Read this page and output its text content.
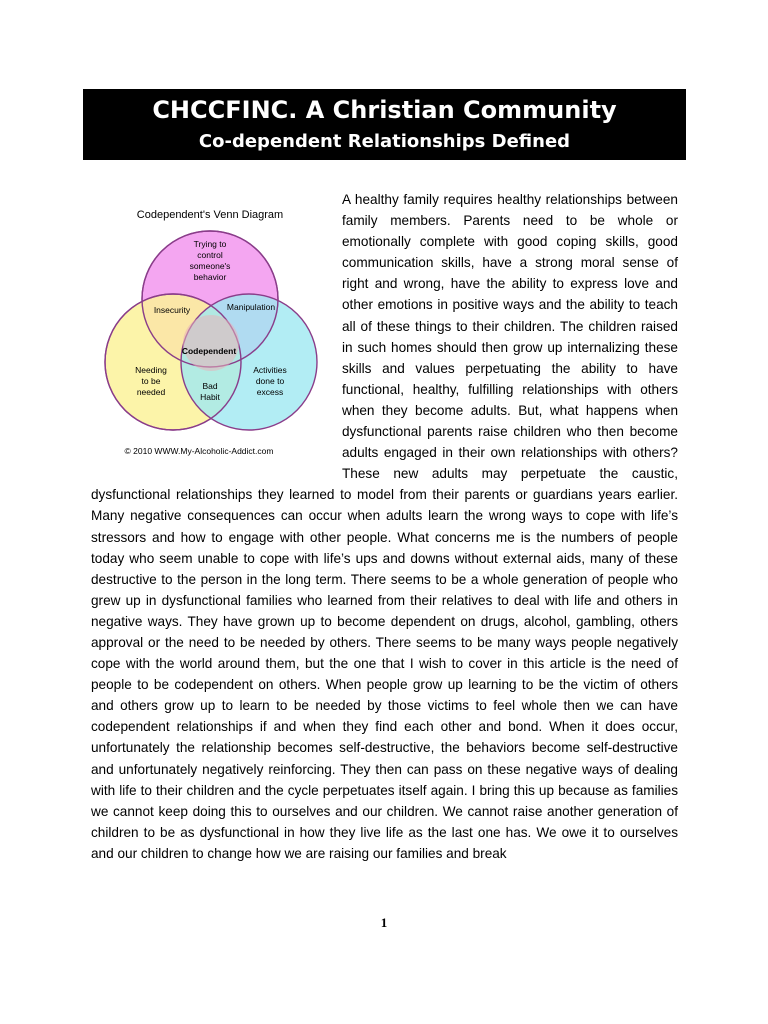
CHCCFINC. A Christian Community
Co-dependent Relationships Defined
Codependent's Venn Diagram
Trying to
control
someone's
behavior
Insecurity	Manipulation
Codependent
Needing
to be
needed
Activities
done to
excess
Bad
Habit
© 2010 WWW.My-Alcoholic-Addict.com

A healthy family requires healthy relationships between family members. Parents need to be whole or emotionally complete with good coping skills, good communication skills, have a strong moral sense of right and wrong, have the ability to express love and other emotions in positive ways and the ability to teach all of these things to their children. The children raised in such homes should then grow up internalizing these skills and values perpetuating the ability to have functional, healthy, fulfilling relationships with others when they become adults. But, what happens when dysfunctional parents raise children who then become adults engaged in their own relationships with others? These new adults may perpetuate the caustic, dysfunctional relationships they learned to model from their parents or guardians years earlier. Many negative consequences can occur when adults learn the wrong ways to cope with life’s stressors and how to engage with other people. What concerns me is the numbers of people today who seem unable to cope with life’s ups and downs without external aids, many of these destructive to the person in the long term. There seems to be a whole generation of people who grew up in dysfunctional families who learned from their relatives to deal with life and others in negative ways. They have grown up to become dependent on drugs, alcohol, gambling, others approval or the need to be needed by others. There seems to be many ways people negatively cope with the world around them, but the one that I wish to cover in this article is the need of people to be codependent on others. When people grow up learning to be the victim of others and others grow up to learn to be needed by those victims to feel whole then we can have codependent relationships if and when they find each other and bond. When it does occur, unfortunately the relationship becomes self-destructive, the behaviors become self-destructive and unfortunately negatively reinforcing. They then can pass on these negative ways of dealing with life to their children and the cycle perpetuates itself again. I bring this up because as families we cannot keep doing this to ourselves and our children. We cannot raise another generation of children to be as dysfunctional in how they live life as the last one has. We owe it to ourselves and our children to change how we are raising our families and break

1
